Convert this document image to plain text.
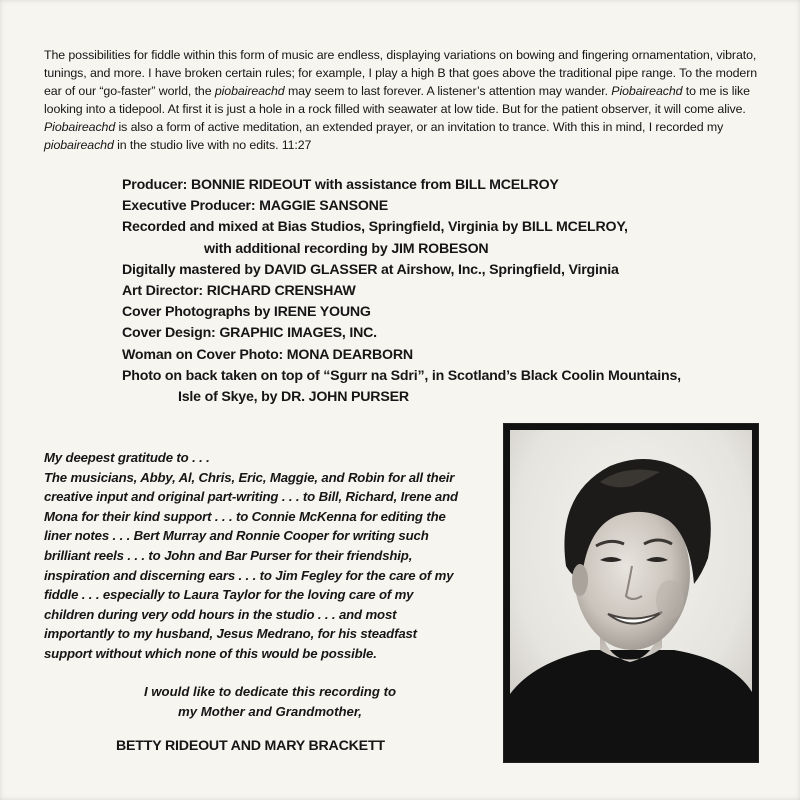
The possibilities for fiddle within this form of music are endless, displaying variations on bowing and fingering ornamentation, vibrato, tunings, and more. I have broken certain rules; for example, I play a high B that goes above the traditional pipe range. To the modern ear of our “go-faster” world, the piobaireachd may seem to last forever. A listener’s attention may wander. Piobaireachd to me is like looking into a tidepool. At first it is just a hole in a rock filled with seawater at low tide. But for the patient observer, it will come alive. Piobaireachd is also a form of active meditation, an extended prayer, or an invitation to trance. With this in mind, I recorded my piobaireachd in the studio live with no edits. 11:27

Producer: BONNIE RIDEOUT with assistance from BILL MCELROY
Executive Producer: MAGGIE SANSONE
Recorded and mixed at Bias Studios, Springfield, Virginia by BILL MCELROY,
with additional recording by JIM ROBESON
Digitally mastered by DAVID GLASSER at Airshow, Inc., Springfield, Virginia
Art Director: RICHARD CRENSHAW
Cover Photographs by IRENE YOUNG
Cover Design: GRAPHIC IMAGES, INC.
Woman on Cover Photo: MONA DEARBORN
Photo on back taken on top of “Sgurr na Sdri”, in Scotland’s Black Coolin Mountains,
Isle of Skye, by DR. JOHN PURSER
My deepest gratitude to . . .
The musicians, Abby, Al, Chris, Eric, Maggie, and Robin for all their
creative input and original part-writing . . . to Bill, Richard, Irene and
Mona for their kind support . . . to Connie McKenna for editing the
liner notes . . . Bert Murray and Ronnie Cooper for writing such
brilliant reels . . . to John and Bar Purser for their friendship,
inspiration and discerning ears . . . to Jim Fegley for the care of my
fiddle . . . especially to Laura Taylor for the loving care of my
children during very odd hours in the studio . . . and most
importantly to my husband, Jesus Medrano, for his steadfast
support without which none of this would be possible.
I would like to dedicate this recording to
my Mother and Grandmother,
BETTY RIDEOUT AND MARY BRACKETT
